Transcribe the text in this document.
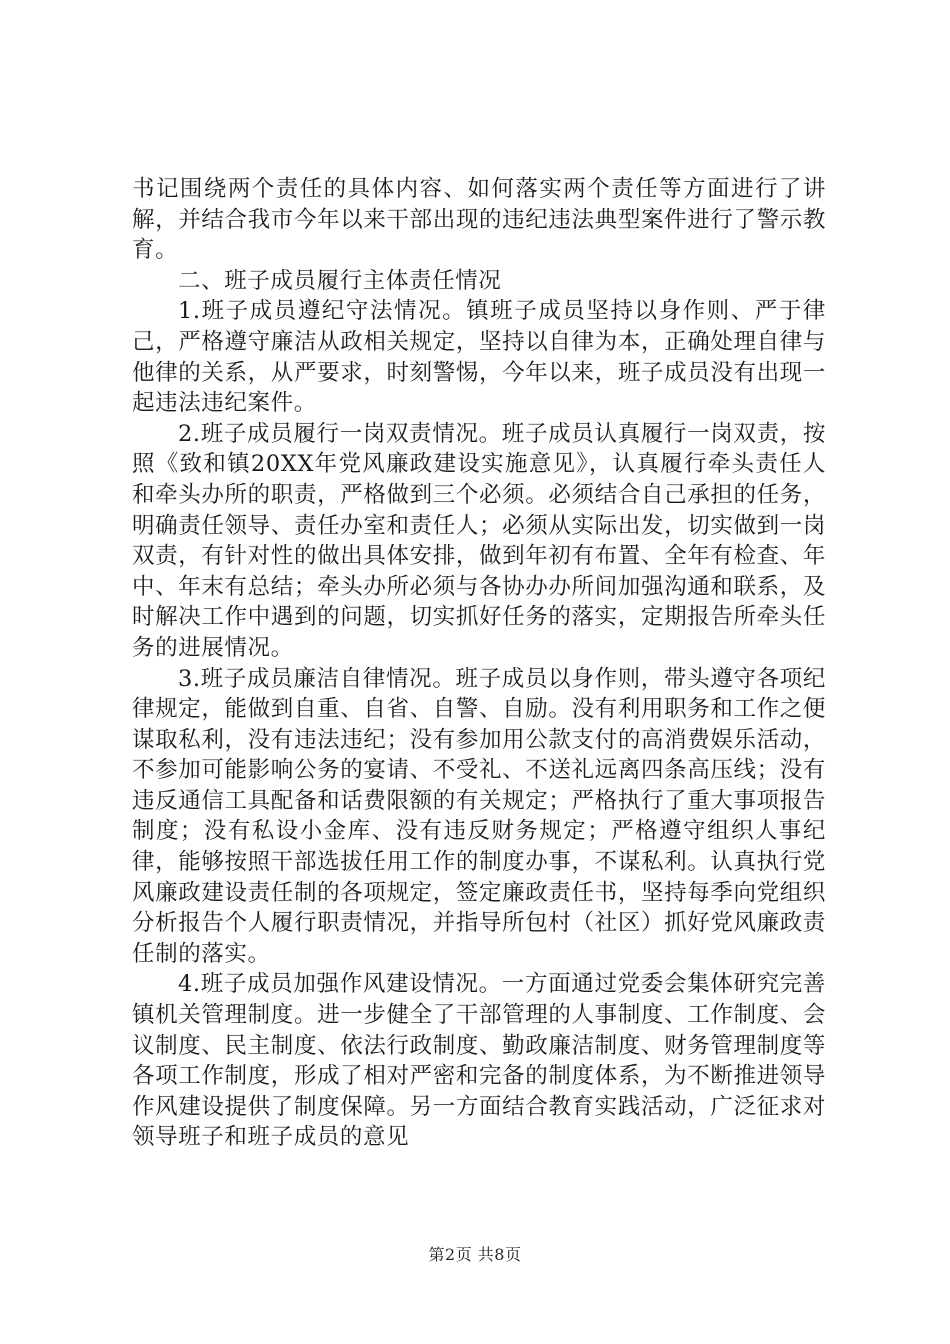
书记围绕两个责任的具体内容、如何落实两个责任等方面进行了讲解，并结合我市今年以来干部出现的违纪违法典型案件进行了警示教育。

二、班子成员履行主体责任情况

1.班子成员遵纪守法情况。镇班子成员坚持以身作则、严于律己，严格遵守廉洁从政相关规定，坚持以自律为本，正确处理自律与他律的关系，从严要求，时刻警惕，今年以来，班子成员没有出现一起违法违纪案件。

2.班子成员履行一岗双责情况。班子成员认真履行一岗双责，按照《致和镇20XX年党风廉政建设实施意见》，认真履行牵头责任人和牵头办所的职责，严格做到三个必须。必须结合自己承担的任务，明确责任领导、责任办室和责任人；必须从实际出发，切实做到一岗双责，有针对性的做出具体安排，做到年初有布置、全年有检查、年中、年末有总结；牵头办所必须与各协办办所间加强沟通和联系，及时解决工作中遇到的问题，切实抓好任务的落实，定期报告所牵头任务的进展情况。

3.班子成员廉洁自律情况。班子成员以身作则，带头遵守各项纪律规定，能做到自重、自省、自警、自励。没有利用职务和工作之便谋取私利，没有违法违纪；没有参加用公款支付的高消费娱乐活动，不参加可能影响公务的宴请、不受礼、不送礼远离四条高压线；没有违反通信工具配备和话费限额的有关规定；严格执行了重大事项报告制度；没有私设小金库、没有违反财务规定；严格遵守组织人事纪律，能够按照干部选拔任用工作的制度办事，不谋私利。认真执行党风廉政建设责任制的各项规定，签定廉政责任书，坚持每季向党组织分析报告个人履行职责情况，并指导所包村（社区）抓好党风廉政责任制的落实。

4.班子成员加强作风建设情况。一方面通过党委会集体研究完善镇机关管理制度。进一步健全了干部管理的人事制度、工作制度、会议制度、民主制度、依法行政制度、勤政廉洁制度、财务管理制度等各项工作制度，形成了相对严密和完备的制度体系，为不断推进领导作风建设提供了制度保障。另一方面结合教育实践活动，广泛征求对领导班子和班子成员的意见

第2页 共8页
